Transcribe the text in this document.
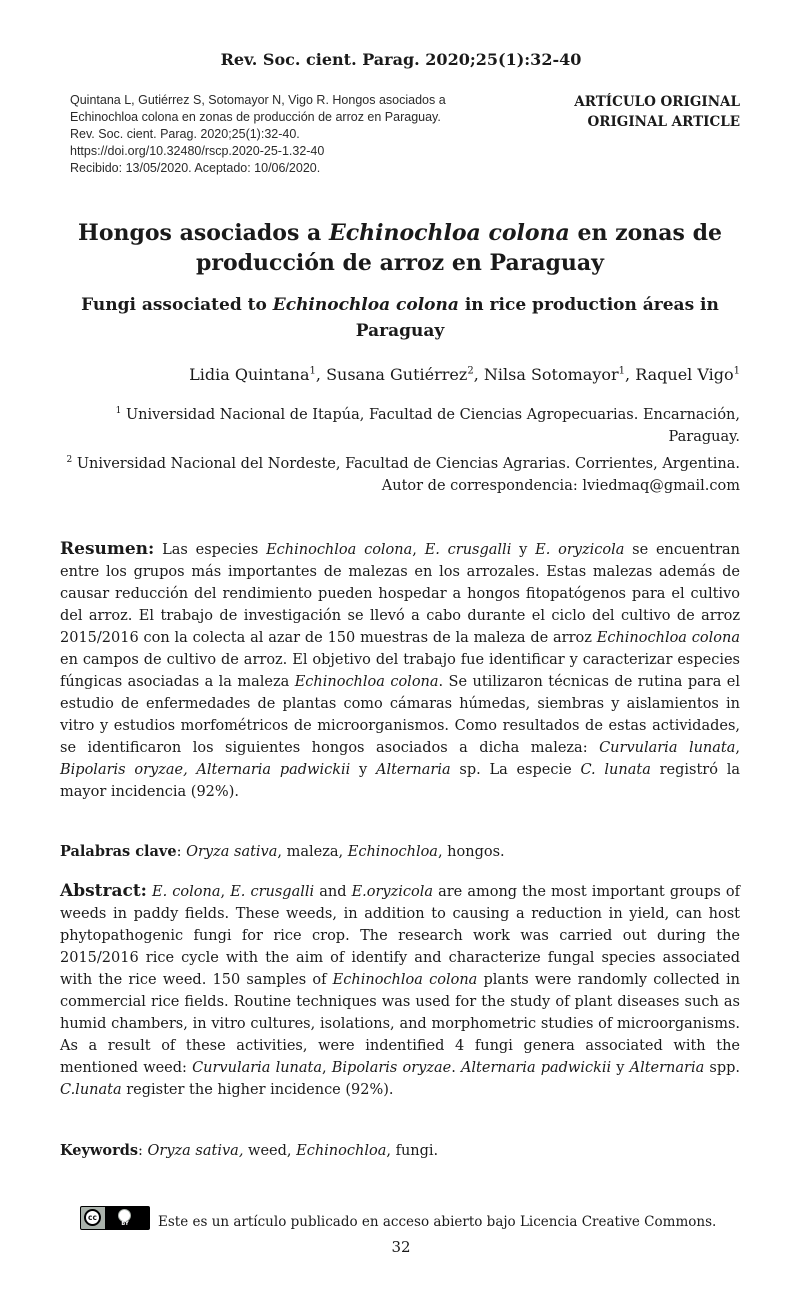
Rev. Soc. cient. Parag. 2020;25(1):32-40
Quintana L, Gutiérrez S, Sotomayor N, Vigo R. Hongos asociados a
Echinochloa colona en zonas de producción de arroz en Paraguay.
Rev. Soc. cient. Parag. 2020;25(1):32-40.
https://doi.org/10.32480/rscp.2020-25-1.32-40
Recibido: 13/05/2020. Aceptado: 10/06/2020.
ARTÍCULO ORIGINAL
ORIGINAL ARTICLE
Hongos asociados a Echinochloa colona en zonas de producción de arroz en Paraguay
Fungi associated to Echinochloa colona in rice production áreas in Paraguay
Lidia Quintana$^1$, Susana Gutiérrez$^2$, Nilsa Sotomayor$^1$, Raquel Vigo$^1$
$^1$ Universidad Nacional de Itapúa, Facultad de Ciencias Agropecuarias. Encarnación, Paraguay.
$^2$ Universidad Nacional del Nordeste, Facultad de Ciencias Agrarias. Corrientes, Argentina.
Autor de correspondencia: lviedmaq@gmail.com
Resumen: Las especies Echinochloa colona, E. crusgalli y E. oryzicola se encuentran entre los grupos más importantes de malezas en los arrozales. Estas malezas además de causar reducción del rendimiento pueden hospedar a hongos fitopatógenos para el cultivo del arroz. El trabajo de investigación se llevó a cabo durante el ciclo del cultivo de arroz 2015/2016 con la colecta al azar de 150 muestras de la maleza de arroz Echinochloa colona en campos de cultivo de arroz. El objetivo del trabajo fue identificar y caracterizar especies fúngicas asociadas a la maleza Echinochloa colona. Se utilizaron técnicas de rutina para el estudio de enfermedades de plantas como cámaras húmedas, siembras y aislamientos in vitro y estudios morfométricos de microorganismos. Como resultados de estas actividades, se identificaron los siguientes hongos asociados a dicha maleza: Curvularia lunata, Bipolaris oryzae, Alternaria padwickii y Alternaria sp. La especie C. lunata registró la mayor incidencia (92%).
Palabras clave: Oryza sativa, maleza, Echinochloa, hongos.
Abstract: E. colona, E. crusgalli and E.oryzicola are among the most important groups of weeds in paddy fields. These weeds, in addition to causing a reduction in yield, can host phytopathogenic fungi for rice crop. The research work was carried out during the 2015/2016 rice cycle with the aim of identify and characterize fungal species associated with the rice weed. 150 samples of Echinochloa colona plants were randomly collected in commercial rice fields. Routine techniques was used for the study of plant diseases such as humid chambers, in vitro cultures, isolations, and morphometric studies of microorganisms. As a result of these activities, were indentified 4 fungi genera associated with the mentioned weed: Curvularia lunata, Bipolaris oryzae. Alternaria padwickii y Alternaria spp. C.lunata register the higher incidence (92%).
Keywords: Oryza sativa, weed, Echinochloa, fungi.
cc
BY	Este es un artículo publicado en acceso abierto bajo Licencia Creative Commons.
32
